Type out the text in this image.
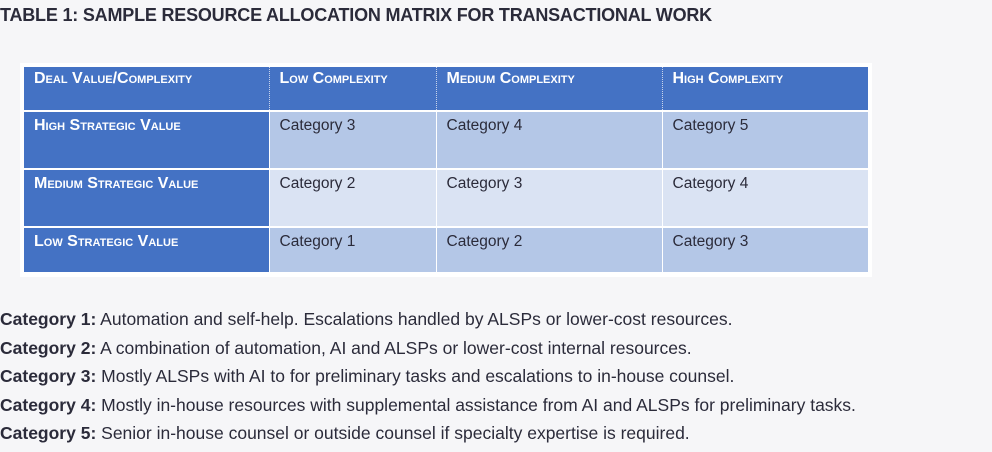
TABLE 1: SAMPLE RESOURCE ALLOCATION MATRIX FOR TRANSACTIONAL WORK
Deal Value/Complexity	Low Complexity	Medium Complexity	High Complexity
High Strategic Value	Category 3	Category 4	Category 5
Medium Strategic Value	Category 2	Category 3	Category 4
Low Strategic Value	Category 1	Category 2	Category 3
Category 1: Automation and self-help. Escalations handled by ALSPs or lower-cost resources.
Category 2: A combination of automation, AI and ALSPs or lower-cost internal resources.
Category 3: Mostly ALSPs with AI to for preliminary tasks and escalations to in-house counsel.
Category 4: Mostly in-house resources with supplemental assistance from AI and ALSPs for preliminary tasks.
Category 5: Senior in-house counsel or outside counsel if specialty expertise is required.
